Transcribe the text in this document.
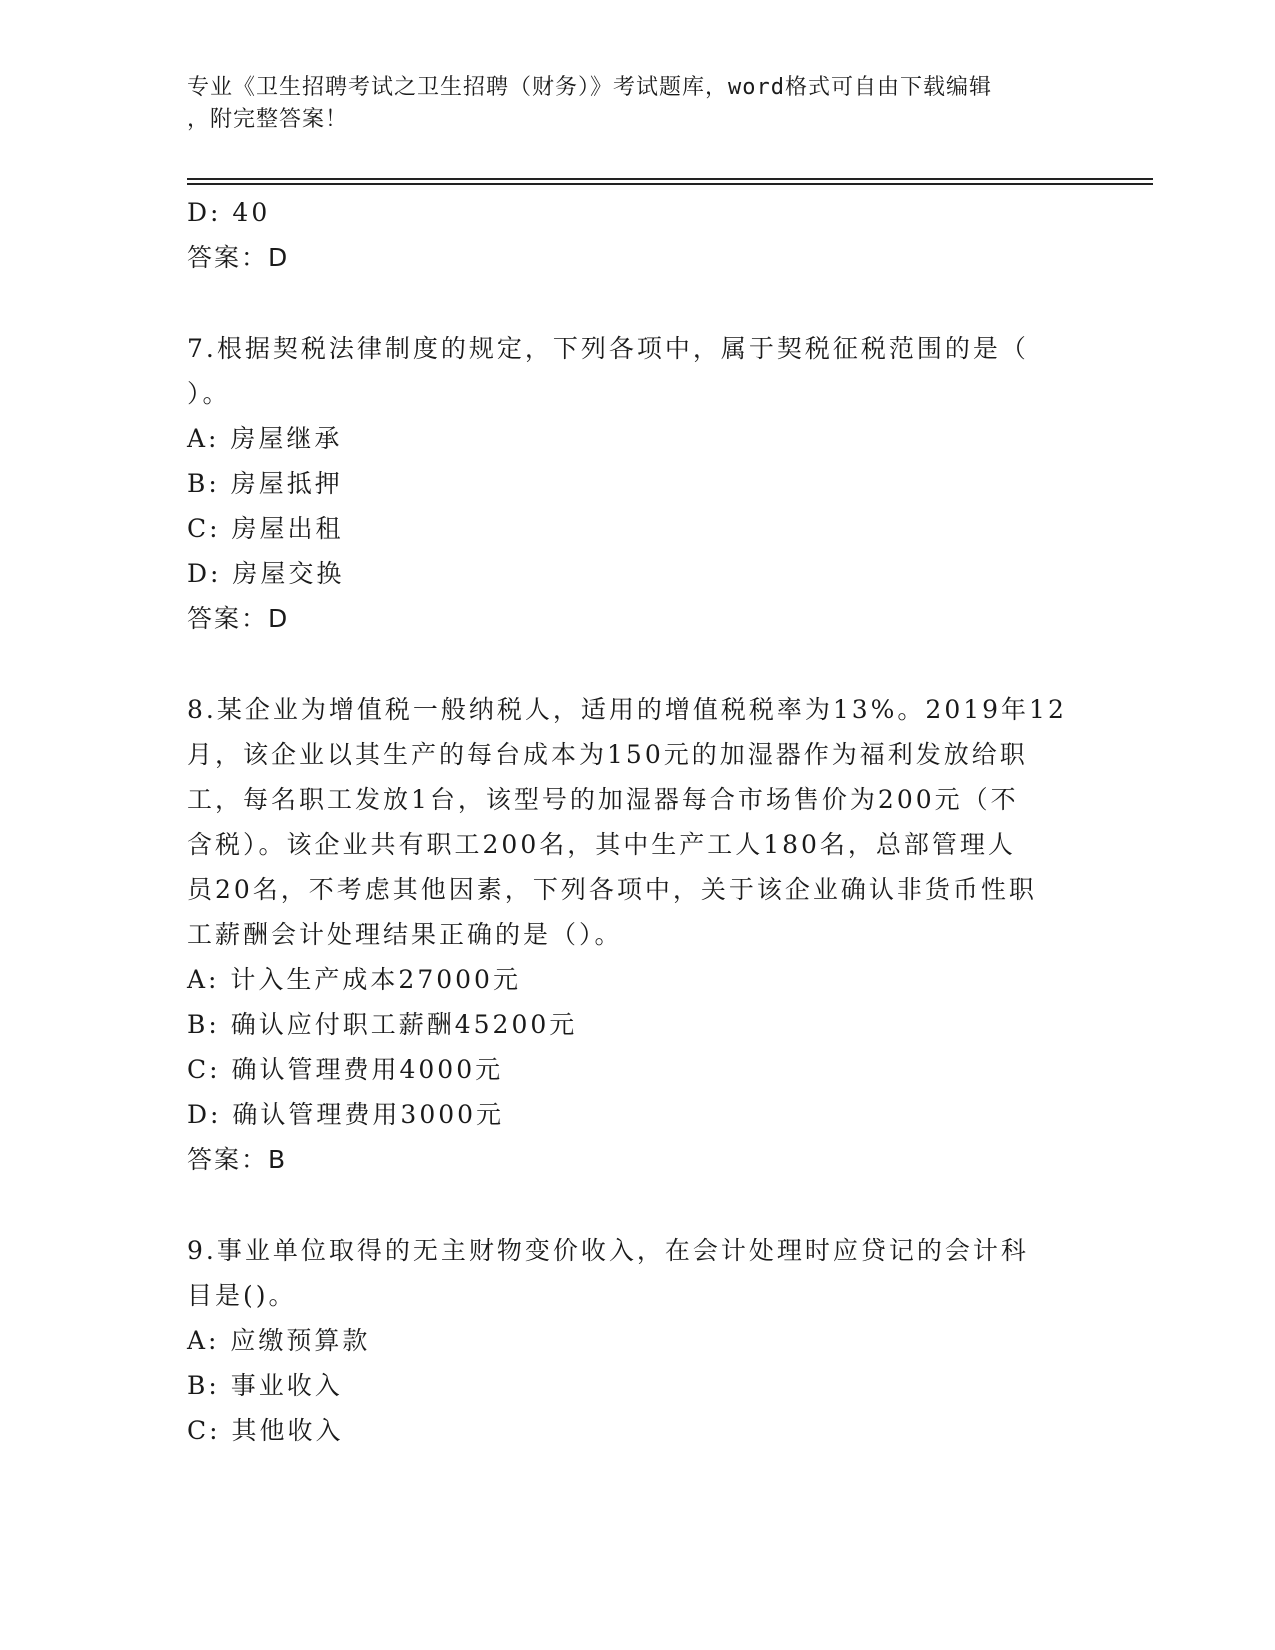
专业《卫生招聘考试之卫生招聘（财务）》考试题库，word格式可自由下载编辑
，附完整答案！
D: 40
答案：D
7.根据契税法律制度的规定，下列各项中，属于契税征税范围的是（
）。
A: 房屋继承
B: 房屋抵押
C: 房屋出租
D: 房屋交换
答案：D
8.某企业为增值税一般纳税人，适用的增值税税率为13%。2019年12
月，该企业以其生产的每台成本为150元的加湿器作为福利发放给职
工，每名职工发放1台，该型号的加湿器每合市场售价为200元（不
含税）。该企业共有职工200名，其中生产工人180名，总部管理人
员20名，不考虑其他因素，下列各项中，关于该企业确认非货币性职
工薪酬会计处理结果正确的是（）。
A: 计入生产成本27000元
B: 确认应付职工薪酬45200元
C: 确认管理费用4000元
D: 确认管理费用3000元
答案：B
9.事业单位取得的无主财物变价收入，在会计处理时应贷记的会计科
目是()。
A: 应缴预算款
B: 事业收入
C: 其他收入
